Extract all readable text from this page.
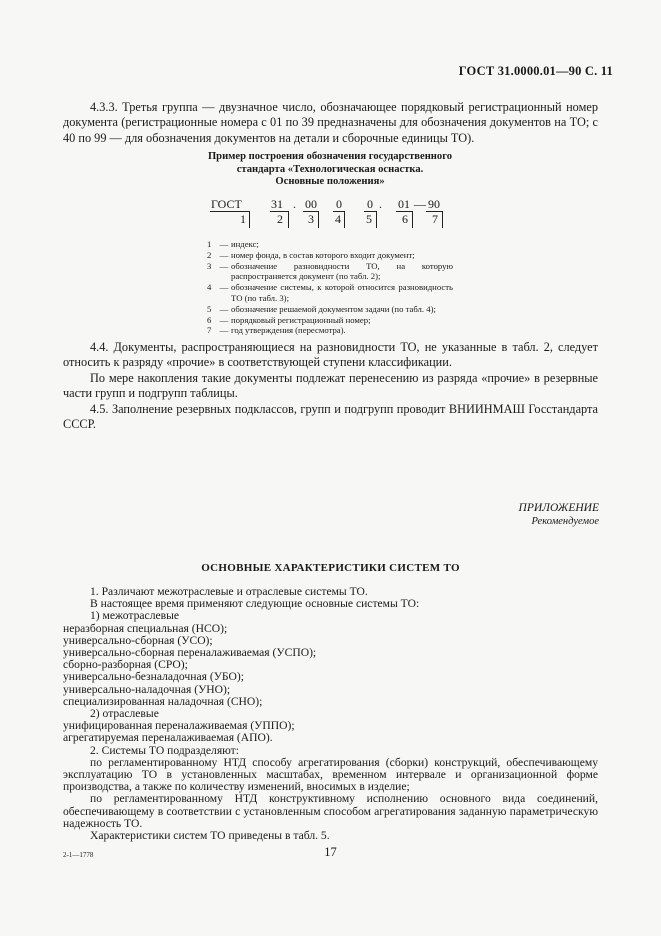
ГОСТ 31.0000.01—90 С. 11

4.3.3. Третья группа — двузначное число, обозначающее порядковый регистрационный номер документа (регистрационные номера с 01 по 39 предназначены для обозначения документов на ТО; с 40 по 99 — для обозначения документов на детали и сборочные единицы ТО).

Пример построения обозначения государственного
стандарта «Технологическая оснастка.
Основные положения»
ГОСТ 31 . 00 0 0 . 01 — 90
1	2 3 4 5	6 7
1 — индекс;
2 — номер фонда, в состав которого входит документ;
3 — обозначение разновидности ТО, на которую распространяется документ (по табл. 2);
4 — обозначение системы, к которой относится разновидность ТО (по табл. 3);
5 — обозначение решаемой документом задачи (по табл. 4);
6 — порядковый регистрационный номер;
7 — год утверждения (пересмотра).

4.4. Документы, распространяющиеся на разновидности ТО, не указанные в табл. 2, следует относить к разряду «прочие» в соответствующей ступени классификации.

По мере накопления такие документы подлежат перенесению из разряда «прочие» в резервные части групп и подгрупп таблицы.

4.5. Заполнение резервных подклассов, групп и подгрупп проводит ВНИИНМАШ Госстандарта СССР.

ПРИЛОЖЕНИЕ
Рекомендуемое
ОСНОВНЫЕ ХАРАКТЕРИСТИКИ СИСТЕМ ТО

1. Различают межотраслевые и отраслевые системы ТО.

В настоящее время применяют следующие основные системы ТО:

1) межотраслевые

неразборная специальная (НСО);

универсально-сборная (УСО);

универсально-сборная переналаживаемая (УСПО);

сборно-разборная (СРО);

универсально-безналадочная (УБО);

универсально-наладочная (УНО);

специализированная наладочная (СНО);

2) отраслевые

унифицированная переналаживаемая (УППО);

агрегатируемая переналаживаемая (АПО).

2. Системы ТО подразделяют:

по регламентированному НТД способу агрегатирования (сборки) конструкций, обеспечивающему эксплуатацию ТО в установленных масштабах, временном интервале и организационной форме производства, а также по количеству изменений, вносимых в изделие;

по регламентированному НТД конструктивному исполнению основного вида соединений, обеспечивающему в соответствии с установленным способом агрегатирования заданную параметрическую надежность ТО.

Характеристики систем ТО приведены в табл. 5.

2-1—1778	17
